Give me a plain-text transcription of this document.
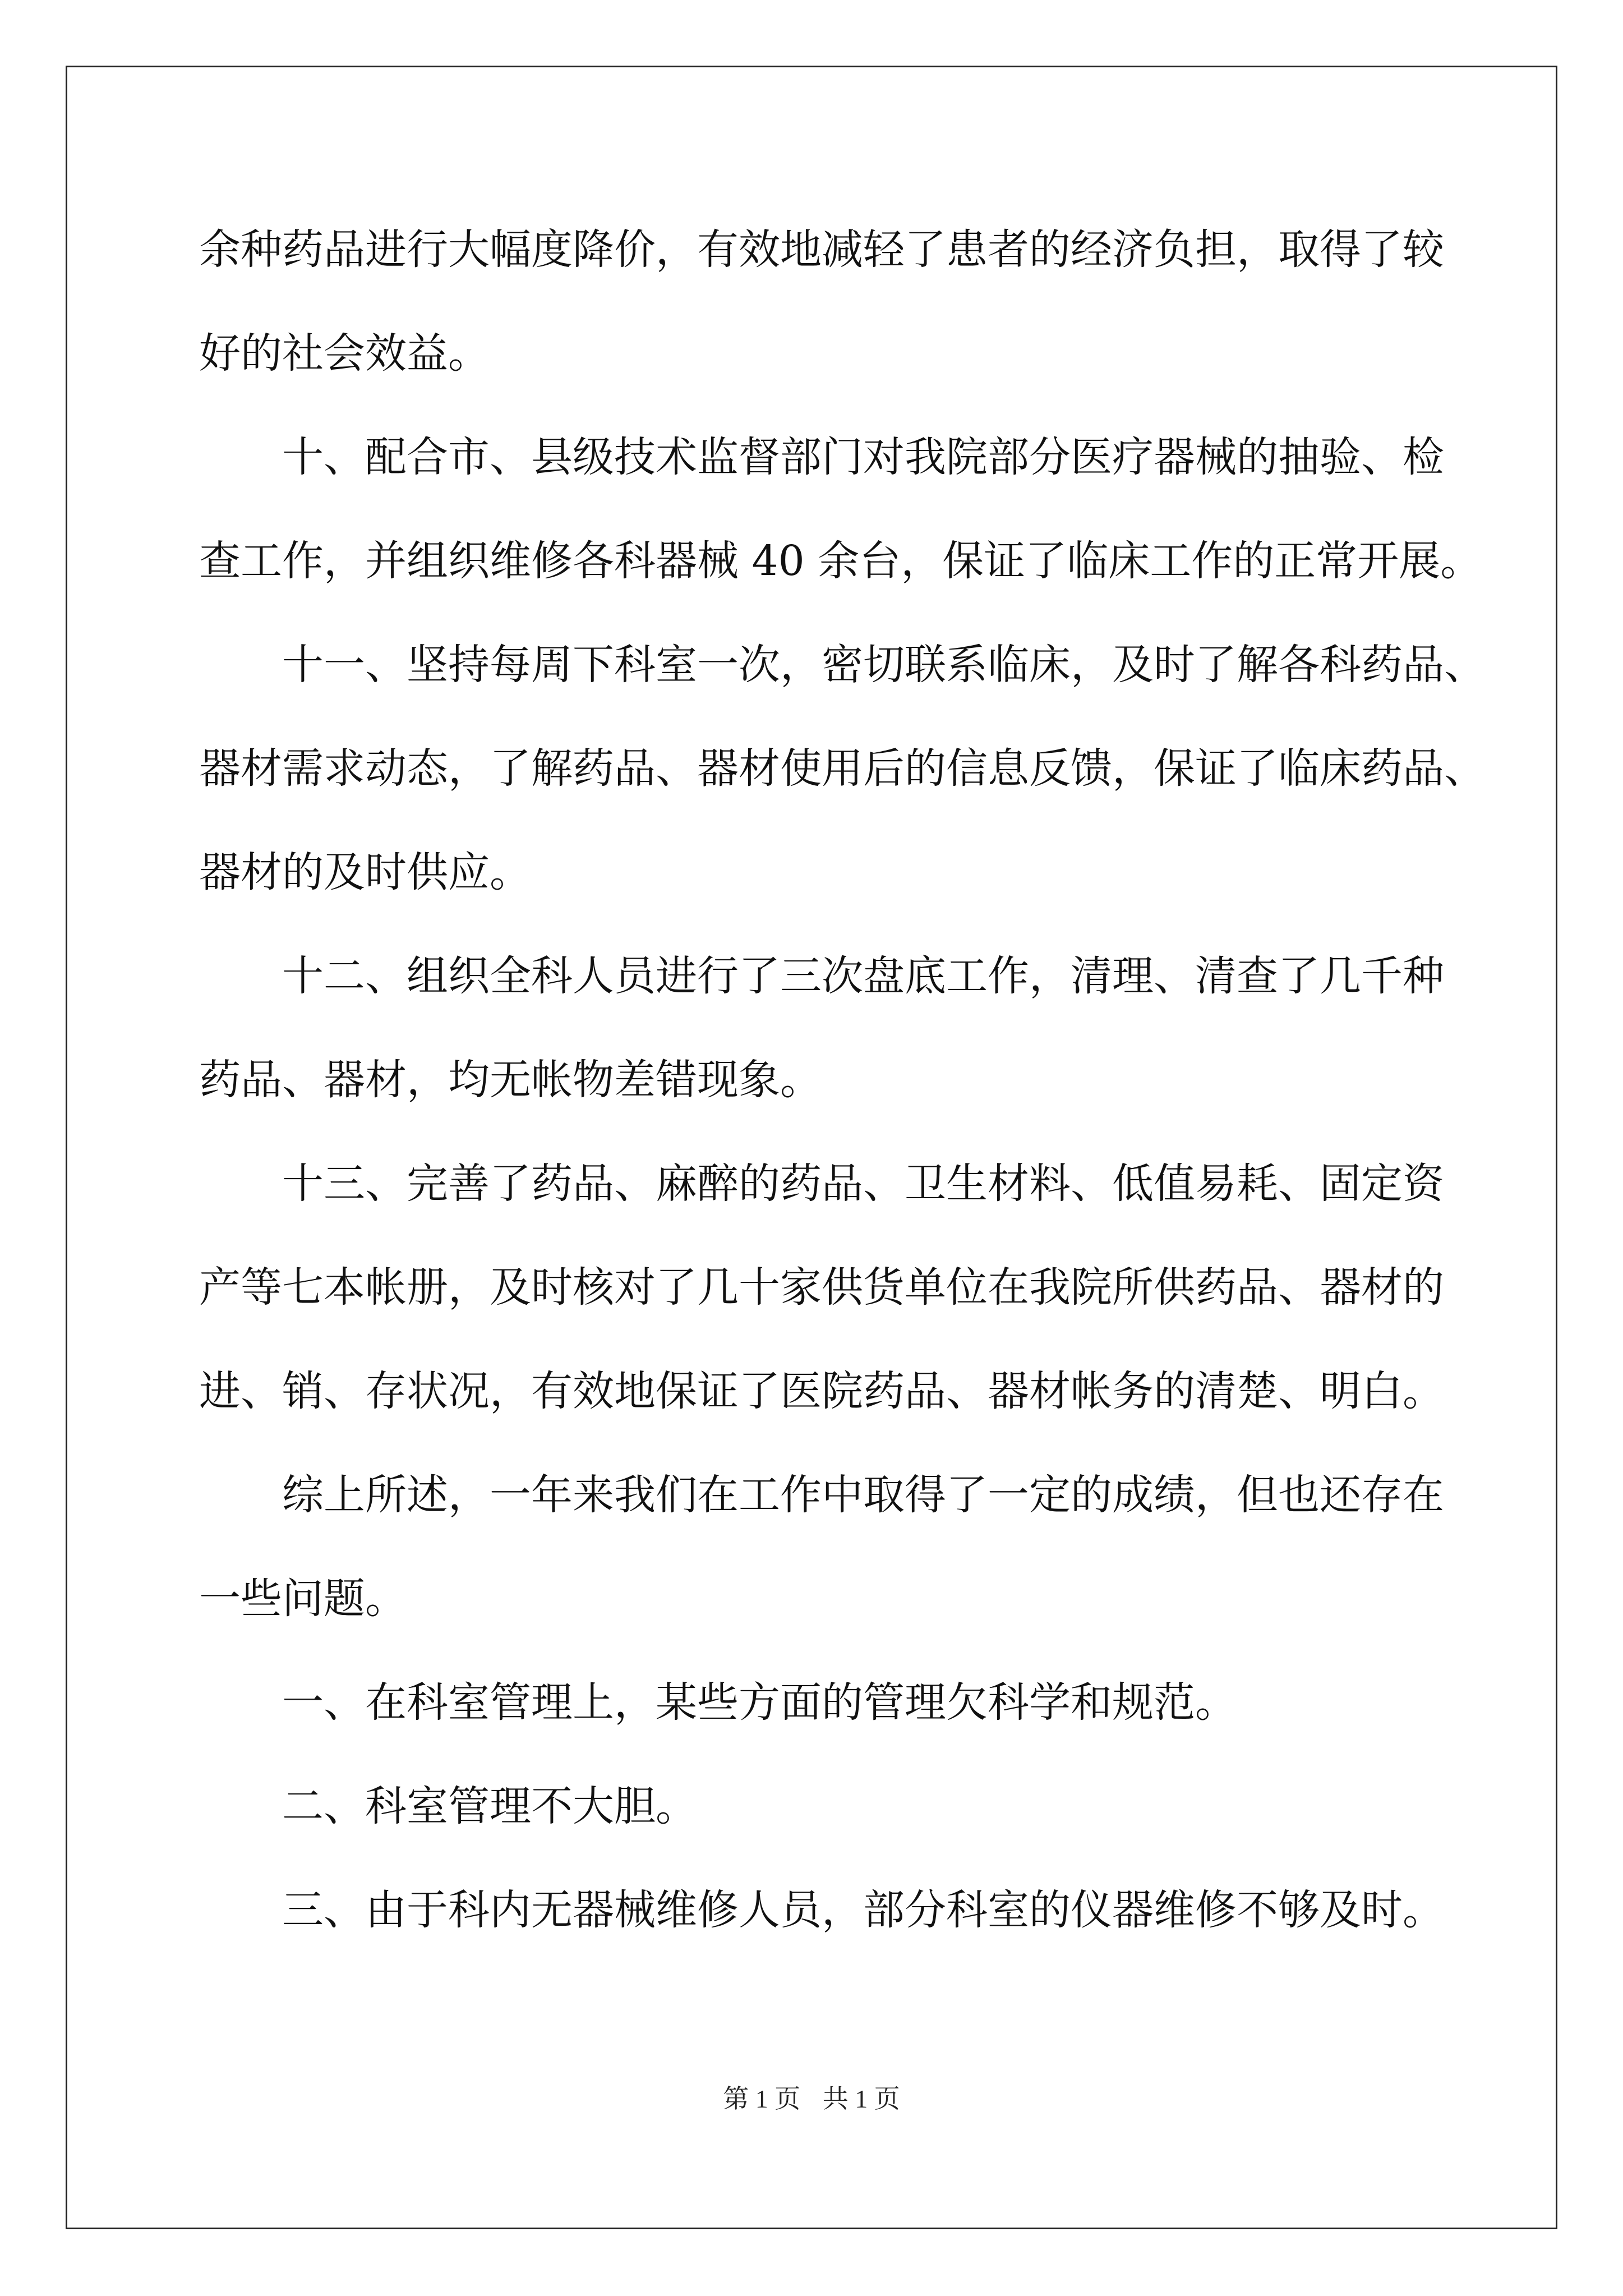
余种药品进行大幅度降价，有效地减轻了患者的经济负担，取得了较
好的社会效益。
十、配合市、县级技术监督部门对我院部分医疗器械的抽验、检
查工作，并组织维修各科器械 40 余台，保证了临床工作的正常开展。
十一、坚持每周下科室一次，密切联系临床，及时了解各科药品、
器材需求动态，了解药品、器材使用后的信息反馈，保证了临床药品、
器材的及时供应。
十二、组织全科人员进行了三次盘底工作，清理、清查了几千种
药品、器材，均无帐物差错现象。
十三、完善了药品、麻醉的药品、卫生材料、低值易耗、固定资
产等七本帐册，及时核对了几十家供货单位在我院所供药品、器材的
进、销、存状况，有效地保证了医院药品、器材帐务的清楚、明白。
综上所述，一年来我们在工作中取得了一定的成绩，但也还存在
一些问题。
一、在科室管理上，某些方面的管理欠科学和规范。
二、科室管理不大胆。
三、由于科内无器械维修人员，部分科室的仪器维修不够及时。
第 1 页 共 1 页
